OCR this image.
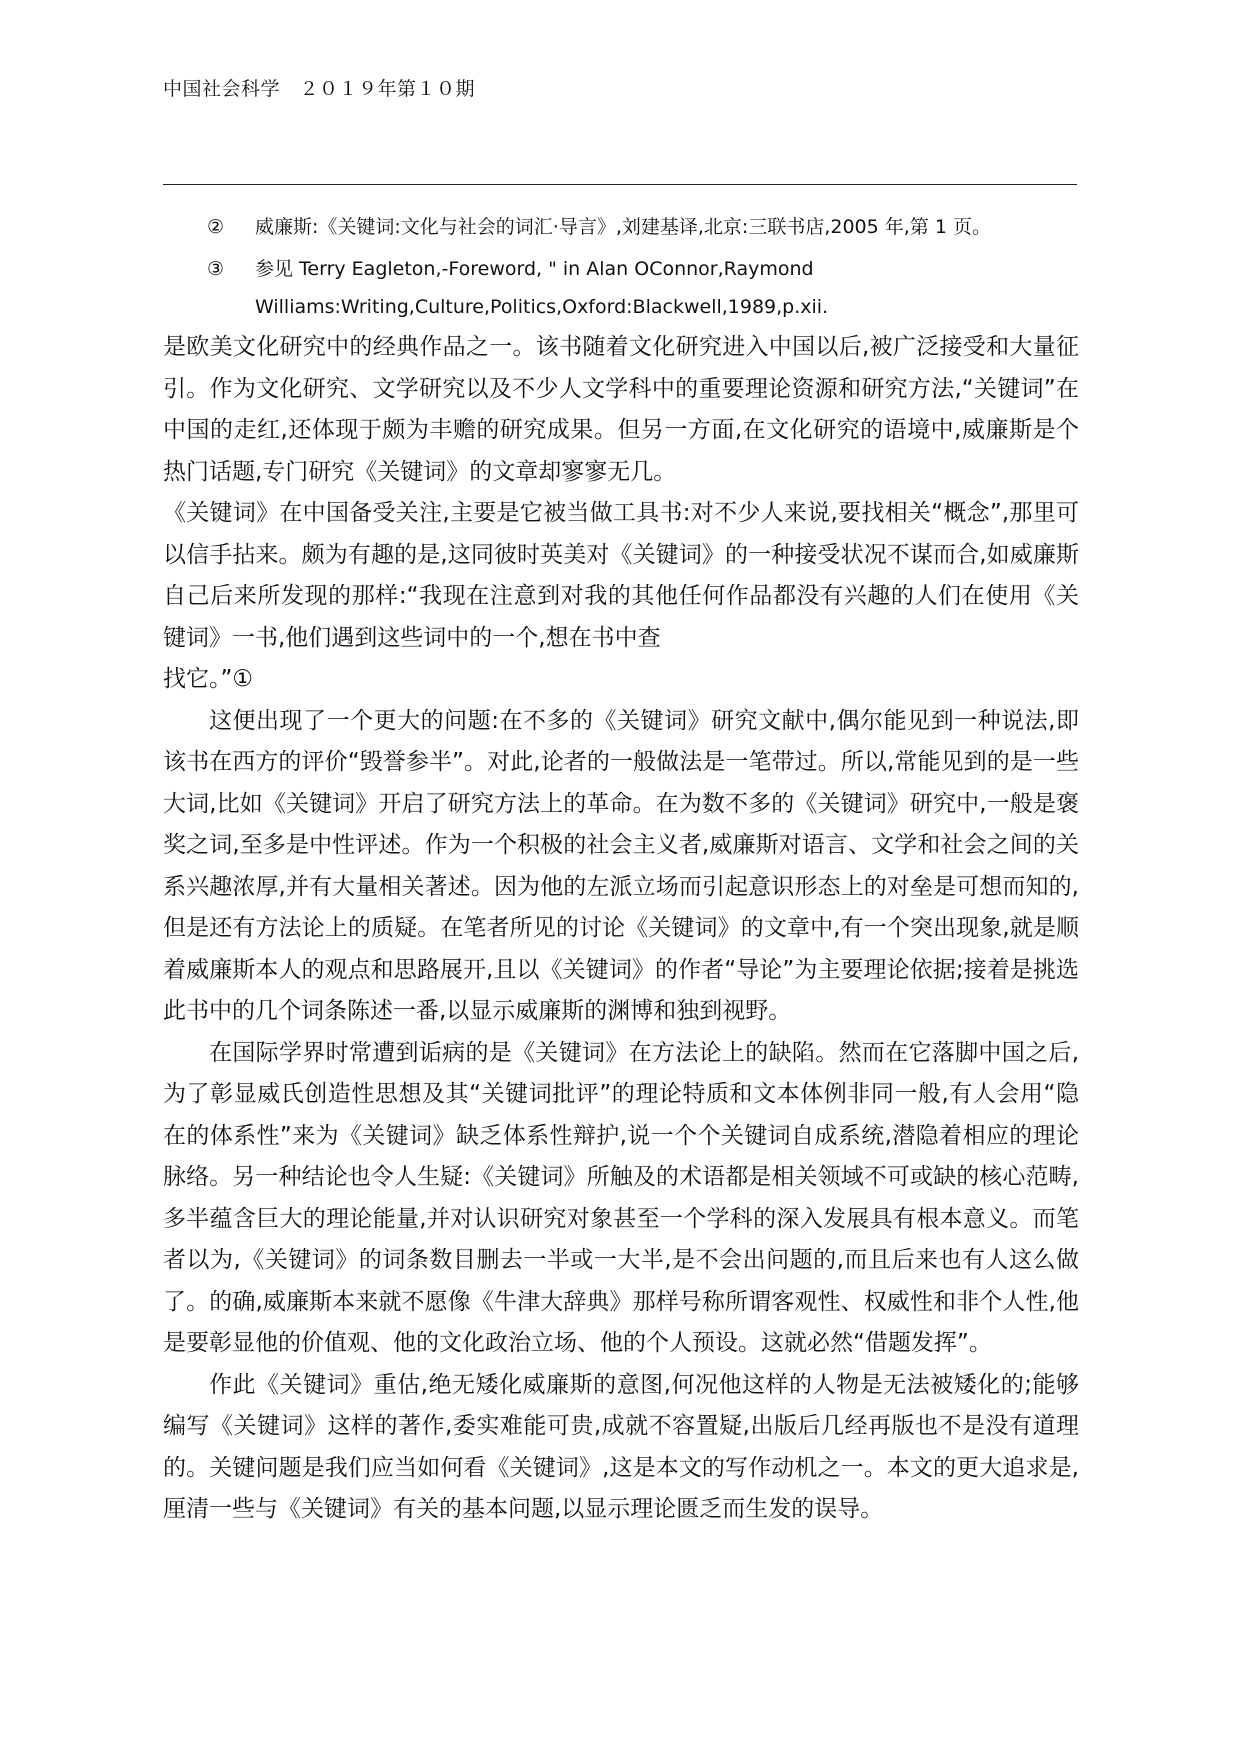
中国社会科学　２０１９年第１０期
②	威廉斯:《关键词:文化与社会的词汇·导言》,刘建基译,北京:三联书店,2005 年,第 1 页。
③	参见 Terry Eagleton,-Foreword, " in Alan OConnor,Raymond Williams:Writing,Culture,Politics,Oxford:Blackwell,1989,p.xii.

是欧美文化研究中的经典作品之一。该书随着文化研究进入中国以后,被广泛接受和大量征引。作为文化研究、文学研究以及不少人文学科中的重要理论资源和研究方法,“关键词”在中国的走红,还体现于颇为丰赡的研究成果。但另一方面,在文化研究的语境中,威廉斯是个热门话题,专门研究《关键词》的文章却寥寥无几。

《关键词》在中国备受关注,主要是它被当做工具书:对不少人来说,要找相关“概念”,那里可以信手拈来。颇为有趣的是,这同彼时英美对《关键词》的一种接受状况不谋而合,如威廉斯自己后来所发现的那样:“我现在注意到对我的其他任何作品都没有兴趣的人们在使用《关键词》一书,他们遇到这些词中的一个,想在书中查

找它。”①

这便出现了一个更大的问题:在不多的《关键词》研究文献中,偶尔能见到一种说法,即该书在西方的评价“毁誉参半”。对此,论者的一般做法是一笔带过。所以,常能见到的是一些大词,比如《关键词》开启了研究方法上的革命。在为数不多的《关键词》研究中,一般是褒奖之词,至多是中性评述。作为一个积极的社会主义者,威廉斯对语言、文学和社会之间的关系兴趣浓厚,并有大量相关著述。因为他的左派立场而引起意识形态上的对垒是可想而知的,但是还有方法论上的质疑。在笔者所见的讨论《关键词》的文章中,有一个突出现象,就是顺着威廉斯本人的观点和思路展开,且以《关键词》的作者“导论”为主要理论依据;接着是挑选此书中的几个词条陈述一番,以显示威廉斯的渊博和独到视野。

在国际学界时常遭到诟病的是《关键词》在方法论上的缺陷。然而在它落脚中国之后,为了彰显威氏创造性思想及其“关键词批评”的理论特质和文本体例非同一般,有人会用“隐在的体系性”来为《关键词》缺乏体系性辩护,说一个个关键词自成系统,潜隐着相应的理论脉络。另一种结论也令人生疑:《关键词》所触及的术语都是相关领域不可或缺的核心范畴,多半蕴含巨大的理论能量,并对认识研究对象甚至一个学科的深入发展具有根本意义。而笔者以为,《关键词》的词条数目删去一半或一大半,是不会出问题的,而且后来也有人这么做了。的确,威廉斯本来就不愿像《牛津大辞典》那样号称所谓客观性、权威性和非个人性,他是要彰显他的价值观、他的文化政治立场、他的个人预设。这就必然“借题发挥”。

作此《关键词》重估,绝无矮化威廉斯的意图,何况他这样的人物是无法被矮化的;能够编写《关键词》这样的著作,委实难能可贵,成就不容置疑,出版后几经再版也不是没有道理的。关键问题是我们应当如何看《关键词》,这是本文的写作动机之一。本文的更大追求是,厘清一些与《关键词》有关的基本问题,以显示理论匮乏而生发的误导。
